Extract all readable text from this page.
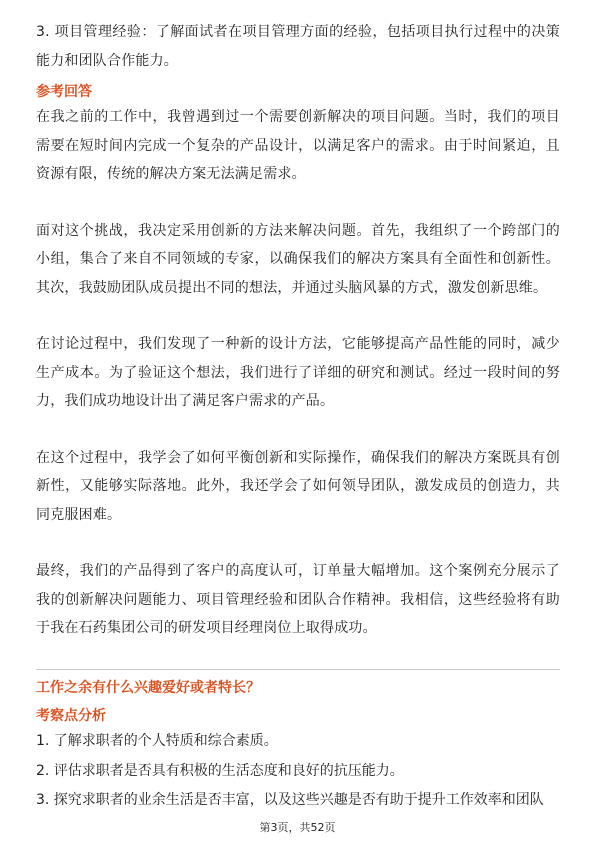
3. 项目管理经验：了解面试者在项目管理方面的经验，包括项目执行过程中的决策能力和团队合作能力。

参考回答

在我之前的工作中，我曾遇到过一个需要创新解决的项目问题。当时，我们的项目需要在短时间内完成一个复杂的产品设计，以满足客户的需求。由于时间紧迫，且资源有限，传统的解决方案无法满足需求。

面对这个挑战，我决定采用创新的方法来解决问题。首先，我组织了一个跨部门的小组，集合了来自不同领域的专家，以确保我们的解决方案具有全面性和创新性。其次，我鼓励团队成员提出不同的想法，并通过头脑风暴的方式，激发创新思维。

在讨论过程中，我们发现了一种新的设计方法，它能够提高产品性能的同时，减少生产成本。为了验证这个想法，我们进行了详细的研究和测试。经过一段时间的努力，我们成功地设计出了满足客户需求的产品。

在这个过程中，我学会了如何平衡创新和实际操作，确保我们的解决方案既具有创新性，又能够实际落地。此外，我还学会了如何领导团队，激发成员的创造力，共同克服困难。

最终，我们的产品得到了客户的高度认可，订单量大幅增加。这个案例充分展示了我的创新解决问题能力、项目管理经验和团队合作精神。我相信，这些经验将有助于我在石药集团公司的研发项目经理岗位上取得成功。

工作之余有什么兴趣爱好或者特长？

考察点分析

1. 了解求职者的个人特质和综合素质。

2. 评估求职者是否具有积极的生活态度和良好的抗压能力。

3. 探究求职者的业余生活是否丰富，以及这些兴趣是否有助于提升工作效率和团队

第3页，共52页
